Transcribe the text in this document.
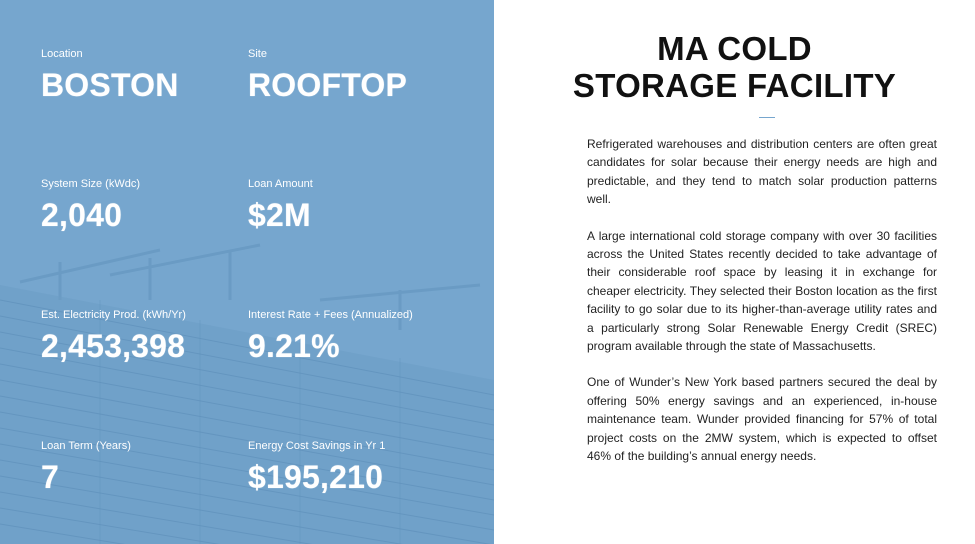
Location
BOSTON
Site
ROOFTOP
System Size (kWdc)
2,040
Loan Amount
$2M
Est. Electricity Prod. (kWh/Yr)
2,453,398
Interest Rate + Fees (Annualized)
9.21%
Loan Term (Years)
7
Energy Cost Savings in Yr 1
$195,210
MA COLD
STORAGE FACILITY

Refrigerated warehouses and distribution centers are often great candidates for solar because their energy needs are high and predictable, and they tend to match solar production patterns well.

A large international cold storage company with over 30 facilities across the United States recently decided to take advantage of their considerable roof space by leasing it in exchange for cheaper electricity. They selected their Boston location as the first facility to go solar due to its higher-than-average utility rates and a particularly strong Solar Renewable Energy Credit (SREC) program available through the state of Massachusetts.

One of Wunder’s New York based partners secured the deal by offering 50% energy savings and an experienced, in-house maintenance team. Wunder provided financing for 57% of total project costs on the 2MW system, which is expected to offset 46% of the building’s annual energy needs.
